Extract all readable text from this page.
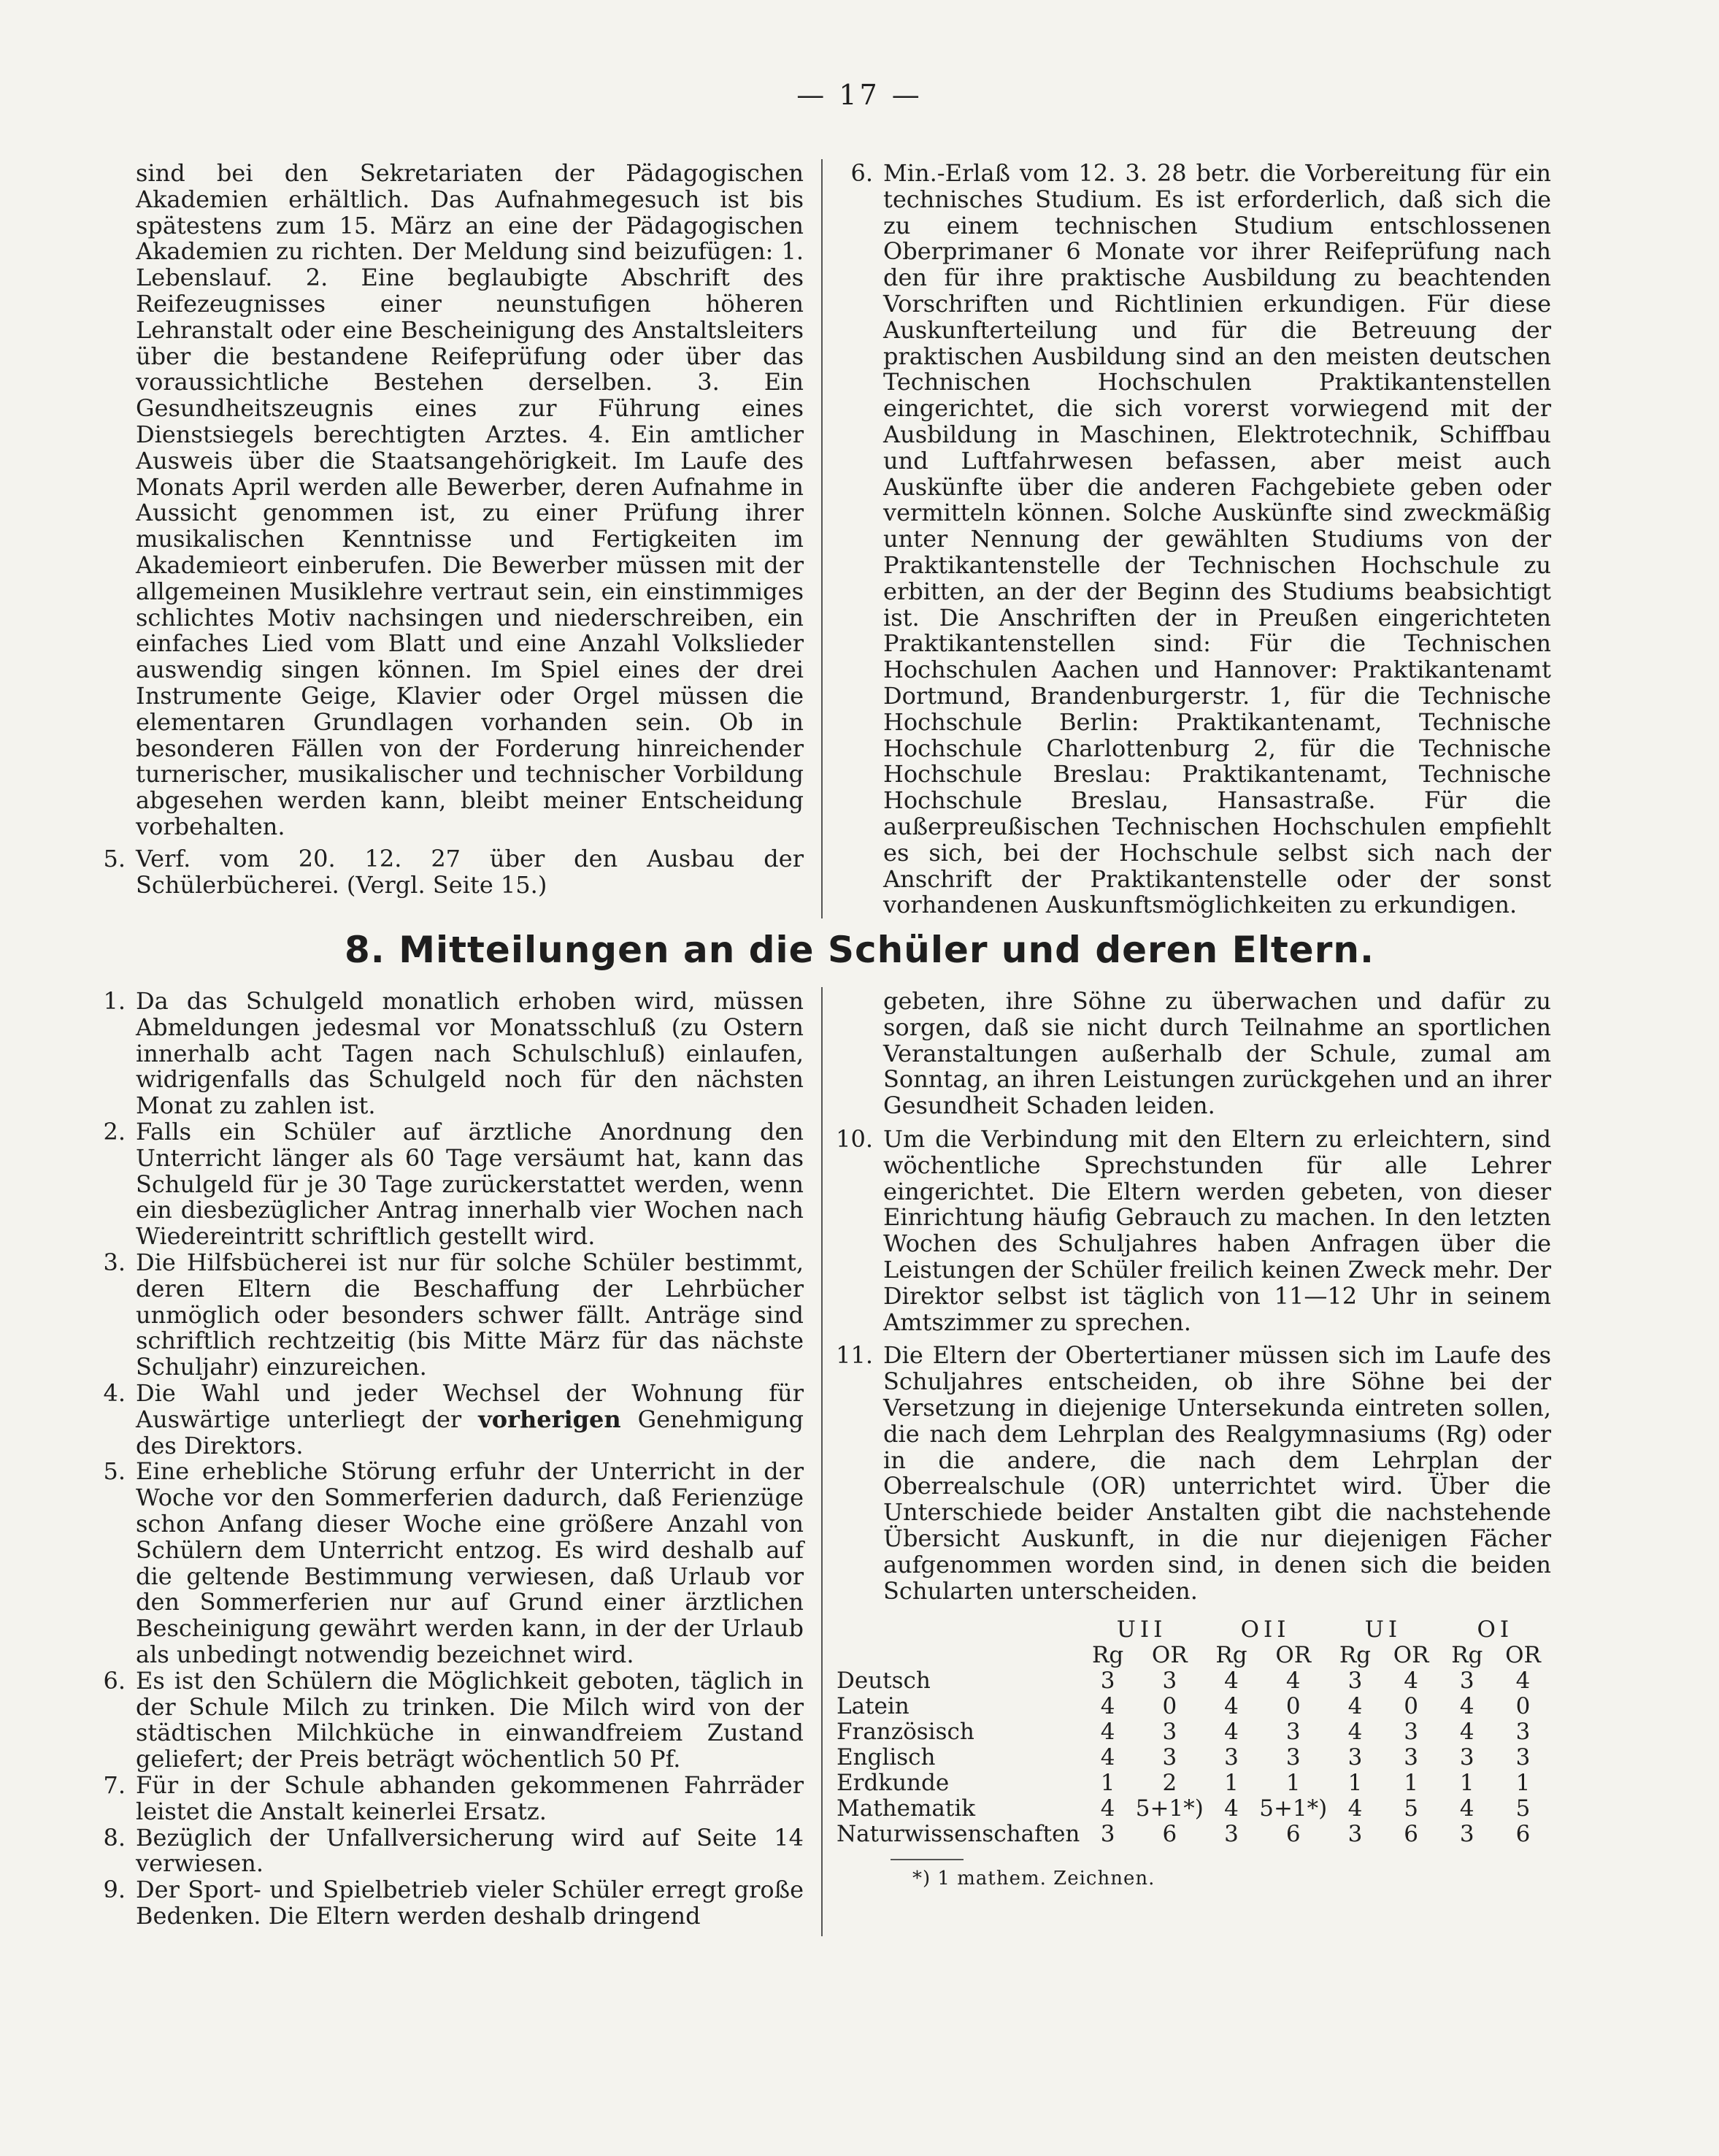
— 17 —

sind bei den Sekretariaten der Pädagogischen Akademien erhältlich. Das Aufnahmegesuch ist bis spätestens zum 15. März an eine der Pädagogischen Akademien zu richten. Der Meldung sind beizufügen: 1. Lebenslauf. 2. Eine beglaubigte Abschrift des Reifezeugnisses einer neunstufigen höheren Lehranstalt oder eine Bescheinigung des Anstaltsleiters über die bestandene Reifeprüfung oder über das voraussichtliche Bestehen derselben. 3. Ein Gesundheitszeugnis eines zur Führung eines Dienstsiegels berechtigten Arztes. 4. Ein amtlicher Ausweis über die Staatsangehörigkeit. Im Laufe des Monats April werden alle Bewerber, deren Aufnahme in Aussicht genommen ist, zu einer Prüfung ihrer musikalischen Kenntnisse und Fertigkeiten im Akademieort einberufen. Die Bewerber müssen mit der allgemeinen Musiklehre vertraut sein, ein einstimmiges schlichtes Motiv nachsingen und niederschreiben, ein einfaches Lied vom Blatt und eine Anzahl Volkslieder auswendig singen können. Im Spiel eines der drei Instrumente Geige, Klavier oder Orgel müssen die elementaren Grundlagen vorhanden sein. Ob in besonderen Fällen von der Forderung hinreichender turnerischer, musikalischer und technischer Vorbildung abgesehen werden kann, bleibt meiner Entscheidung vorbehalten.

5. Verf. vom 20. 12. 27 über den Ausbau der Schülerbücherei. (Vergl. Seite 15.)

6. Min.-Erlaß vom 12. 3. 28 betr. die Vorbereitung für ein technisches Studium. Es ist erforderlich, daß sich die zu einem technischen Studium entschlossenen Oberprimaner 6 Monate vor ihrer Reifeprüfung nach den für ihre praktische Ausbildung zu beachtenden Vorschriften und Richtlinien erkundigen. Für diese Auskunfterteilung und für die Betreuung der praktischen Ausbildung sind an den meisten deutschen Technischen Hochschulen Praktikantenstellen eingerichtet, die sich vorerst vorwiegend mit der Ausbildung in Maschinen, Elektrotechnik, Schiffbau und Luftfahrwesen befassen, aber meist auch Auskünfte über die anderen Fachgebiete geben oder vermitteln können. Solche Auskünfte sind zweckmäßig unter Nennung der gewählten Studiums von der Praktikantenstelle der Technischen Hochschule zu erbitten, an der der Beginn des Studiums beabsichtigt ist. Die Anschriften der in Preußen eingerichteten Praktikantenstellen sind: Für die Technischen Hochschulen Aachen und Hannover: Praktikantenamt Dortmund, Brandenburgerstr. 1, für die Technische Hochschule Berlin: Praktikantenamt, Technische Hochschule Charlottenburg 2, für die Technische Hochschule Breslau: Praktikantenamt, Technische Hochschule Breslau, Hansastraße. Für die außerpreußischen Technischen Hochschulen empfiehlt es sich, bei der Hochschule selbst sich nach der Anschrift der Praktikantenstelle oder der sonst vorhandenen Auskunftsmöglichkeiten zu erkundigen.

8. Mitteilungen an die Schüler und deren Eltern.

1. Da das Schulgeld monatlich erhoben wird, müssen Abmeldungen jedesmal vor Monatsschluß (zu Ostern innerhalb acht Tagen nach Schulschluß) einlaufen, widrigenfalls das Schulgeld noch für den nächsten Monat zu zahlen ist.

2. Falls ein Schüler auf ärztliche Anordnung den Unterricht länger als 60 Tage versäumt hat, kann das Schulgeld für je 30 Tage zurückerstattet werden, wenn ein diesbezüglicher Antrag innerhalb vier Wochen nach Wiedereintritt schriftlich gestellt wird.

3. Die Hilfsbücherei ist nur für solche Schüler bestimmt, deren Eltern die Beschaffung der Lehrbücher unmöglich oder besonders schwer fällt. Anträge sind schriftlich rechtzeitig (bis Mitte März für das nächste Schuljahr) einzureichen.

4. Die Wahl und jeder Wechsel der Wohnung für Auswärtige unterliegt der vorherigen Genehmigung des Direktors.

5. Eine erhebliche Störung erfuhr der Unterricht in der Woche vor den Sommerferien dadurch, daß Ferienzüge schon Anfang dieser Woche eine größere Anzahl von Schülern dem Unterricht entzog. Es wird deshalb auf die geltende Bestimmung verwiesen, daß Urlaub vor den Sommerferien nur auf Grund einer ärztlichen Bescheinigung gewährt werden kann, in der der Urlaub als unbedingt notwendig bezeichnet wird.

6. Es ist den Schülern die Möglichkeit geboten, täglich in der Schule Milch zu trinken. Die Milch wird von der städtischen Milchküche in einwandfreiem Zustand geliefert; der Preis beträgt wöchentlich 50 Pf.

7. Für in der Schule abhanden gekommenen Fahrräder leistet die Anstalt keinerlei Ersatz.

8. Bezüglich der Unfallversicherung wird auf Seite 14 verwiesen.

9. Der Sport- und Spielbetrieb vieler Schüler erregt große Bedenken. Die Eltern werden deshalb dringend

gebeten, ihre Söhne zu überwachen und dafür zu sorgen, daß sie nicht durch Teilnahme an sportlichen Veranstaltungen außerhalb der Schule, zumal am Sonntag, an ihren Leistungen zurückgehen und an ihrer Gesundheit Schaden leiden.

10. Um die Verbindung mit den Eltern zu erleichtern, sind wöchentliche Sprechstunden für alle Lehrer eingerichtet. Die Eltern werden gebeten, von dieser Einrichtung häufig Gebrauch zu machen. In den letzten Wochen des Schuljahres haben Anfragen über die Leistungen der Schüler freilich keinen Zweck mehr. Der Direktor selbst ist täglich von 11—12 Uhr in seinem Amtszimmer zu sprechen.

11. Die Eltern der Obertertianer müssen sich im Laufe des Schuljahres entscheiden, ob ihre Söhne bei der Versetzung in diejenige Untersekunda eintreten sollen, die nach dem Lehrplan des Realgymnasiums (Rg) oder in die andere, die nach dem Lehrplan der Oberrealschule (OR) unterrichtet wird. Über die Unterschiede beider Anstalten gibt die nachstehende Übersicht Auskunft, in die nur diejenigen Fächer aufgenommen worden sind, in denen sich die beiden Schularten unterscheiden.

	UII		OII		UI		OI	
	Rg	OR	Rg	OR	Rg	OR	Rg	OR
Deutsch	3	3	4	4	3	4	3	4
Latein	4	0	4	0	4	0	4	0
Französisch	4	3	4	3	4	3	4	3
Englisch	4	3	3	3	3	3	3	3
Erdkunde	1	2	1	1	1	1	1	1
Mathematik	4	5+1*)	4	5+1*)	4	5	4	5
Naturwissenschaften	3	6	3	6	3	6	3	6
*) 1 mathem. Zeichnen.
